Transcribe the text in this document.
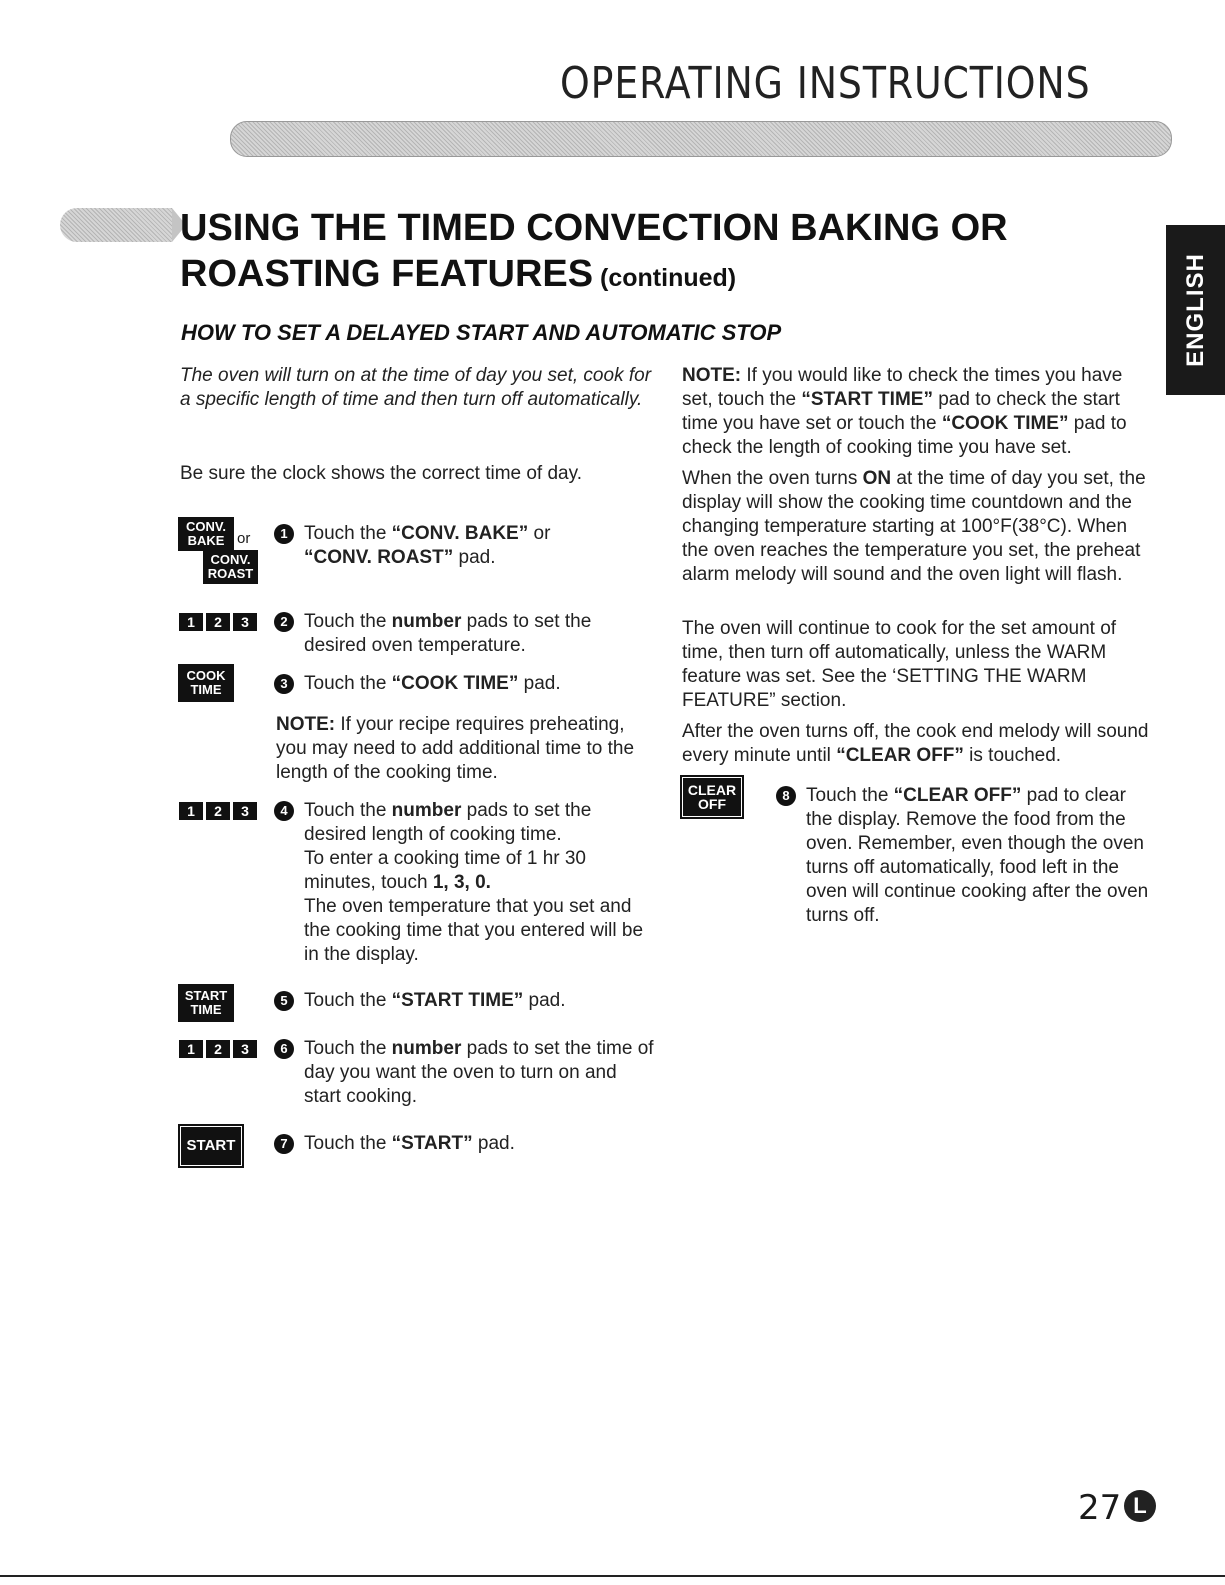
OPERATING INSTRUCTIONS
ENGLISH
USING THE TIMED CONVECTION BAKING OR
ROASTING FEATURES (continued)
HOW TO SET A DELAYED START AND AUTOMATIC STOP
The oven will turn on at the time of day you set, cook for a specific length of time and then turn off automatically.
Be sure the clock shows the correct time of day.
CONV.
BAKE or
CONV.
ROAST
1	2	3
COOK
TIME
1	2	3
START
TIME
1	2	3
START
1 Touch the “CONV. BAKE” or
“CONV. ROAST” pad.
2 Touch the number pads to set the desired oven temperature.
3 Touch the “COOK TIME” pad.
NOTE: If your recipe requires preheating, you may need to add additional time to the length of the cooking time.
4 Touch the number pads to set the desired length of cooking time.
To enter a cooking time of 1 hr 30 minutes, touch 1, 3, 0.
The oven temperature that you set and the cooking time that you entered will be in the display.
5 Touch the “START TIME” pad.
6 Touch the number pads to set the time of day you want the oven to turn on and start cooking.
7 Touch the “START” pad.
NOTE: If you would like to check the times you have set, touch the “START TIME” pad to check the start time you have set or touch the “COOK TIME” pad to check the length of cooking time you have set.
When the oven turns ON at the time of day you set, the display will show the cooking time countdown and the changing temperature starting at 100°F(38°C). When the oven reaches the temperature you set, the preheat alarm melody will sound and the oven light will flash.
The oven will continue to cook for the set amount of time, then turn off automatically, unless the WARM feature was set. See the ‘SETTING THE WARM FEATURE” section.
After the oven turns off, the cook end melody will sound every minute until “CLEAR OFF” is touched.
CLEAR
OFF
8 Touch the “CLEAR OFF” pad to clear the display. Remove the food from the oven. Remember, even though the oven turns off automatically, food left in the oven will continue cooking after the oven turns off.
27 L
